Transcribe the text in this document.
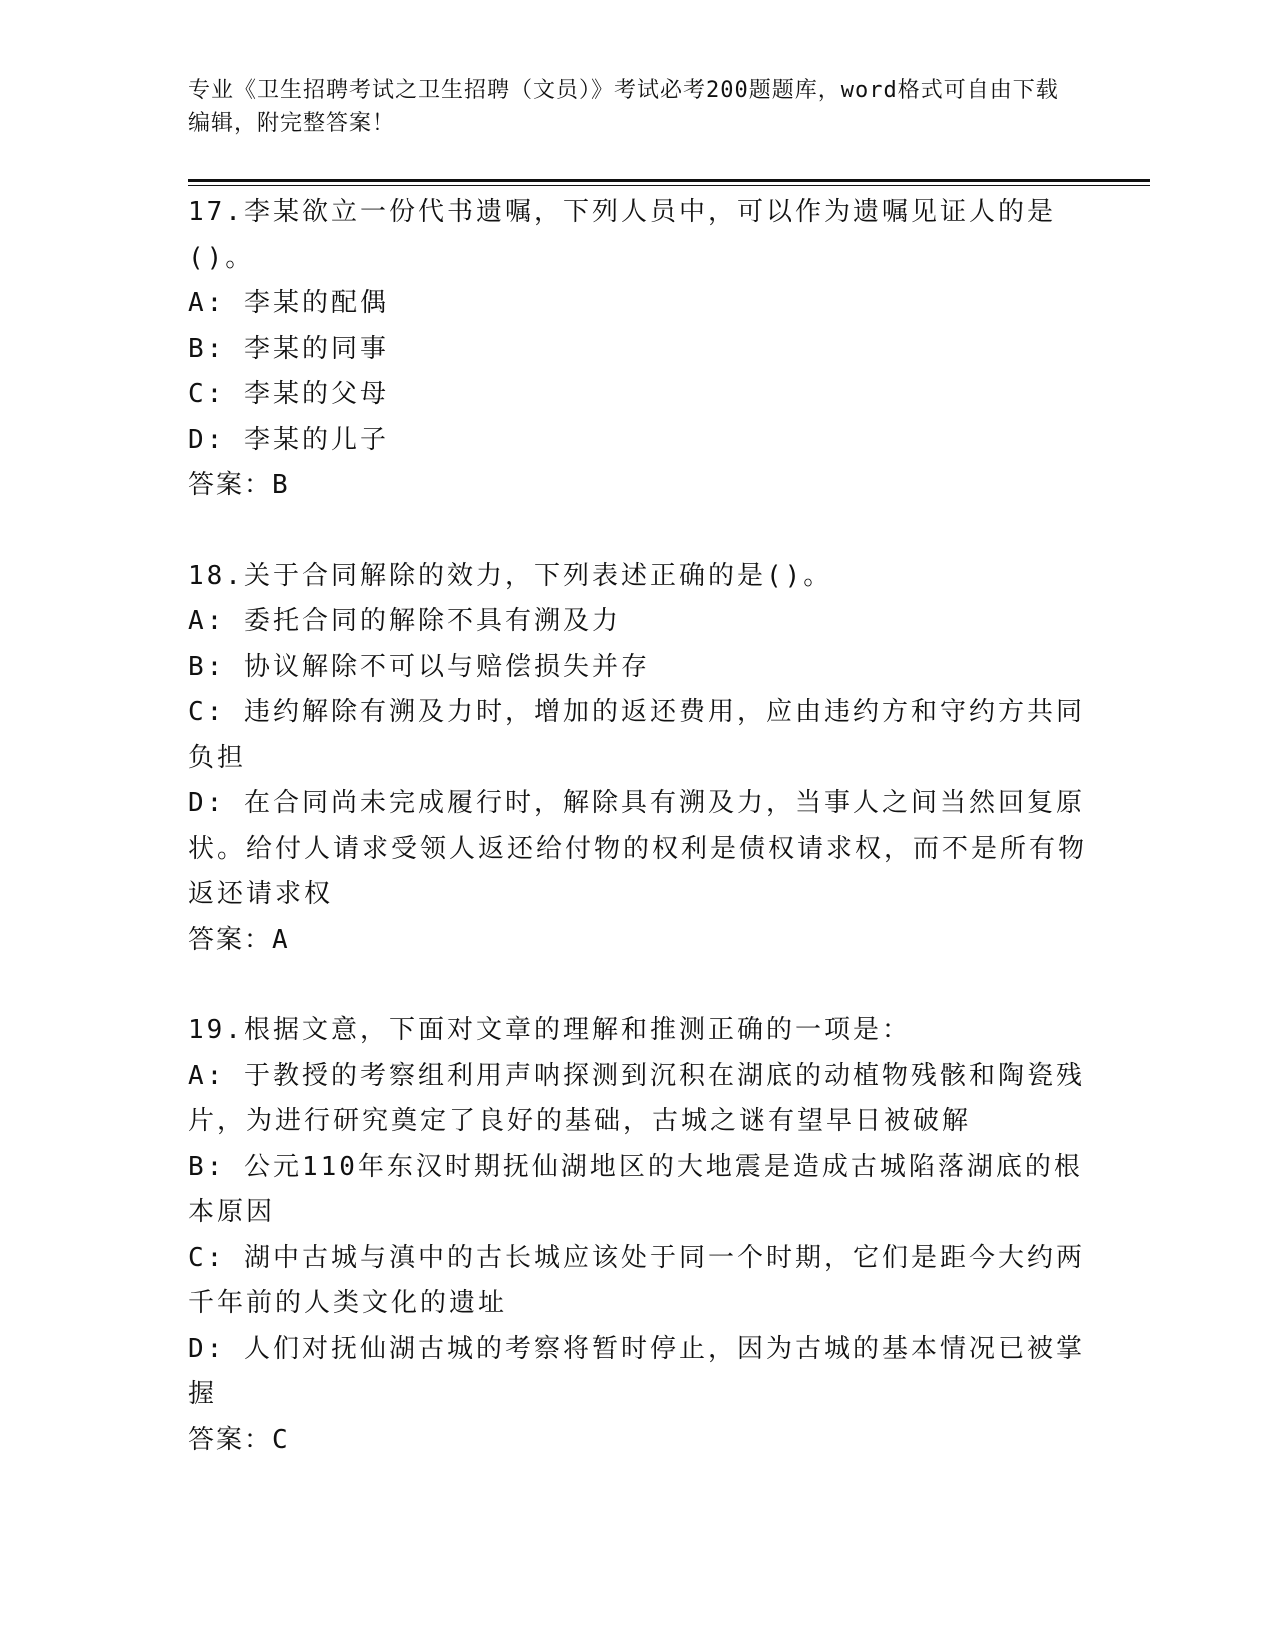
专业《卫生招聘考试之卫生招聘（文员）》考试必考200题题库，word格式可自由下载编辑，附完整答案！

17.李某欲立一份代书遗嘱，下列人员中，可以作为遗嘱见证人的是()。

A: 李某的配偶

B: 李某的同事

C: 李某的父母

D: 李某的儿子

答案：B

18.关于合同解除的效力，下列表述正确的是()。

A: 委托合同的解除不具有溯及力

B: 协议解除不可以与赔偿损失并存

C: 违约解除有溯及力时，增加的返还费用，应由违约方和守约方共同负担

D: 在合同尚未完成履行时，解除具有溯及力，当事人之间当然回复原状。给付人请求受领人返还给付物的权利是债权请求权，而不是所有物返还请求权

答案：A

19.根据文意，下面对文章的理解和推测正确的一项是：

A: 于教授的考察组利用声呐探测到沉积在湖底的动植物残骸和陶瓷残片，为进行研究奠定了良好的基础，古城之谜有望早日被破解

B: 公元110年东汉时期抚仙湖地区的大地震是造成古城陷落湖底的根本原因

C: 湖中古城与滇中的古长城应该处于同一个时期，它们是距今大约两千年前的人类文化的遗址

D: 人们对抚仙湖古城的考察将暂时停止，因为古城的基本情况已被掌握

答案：C
